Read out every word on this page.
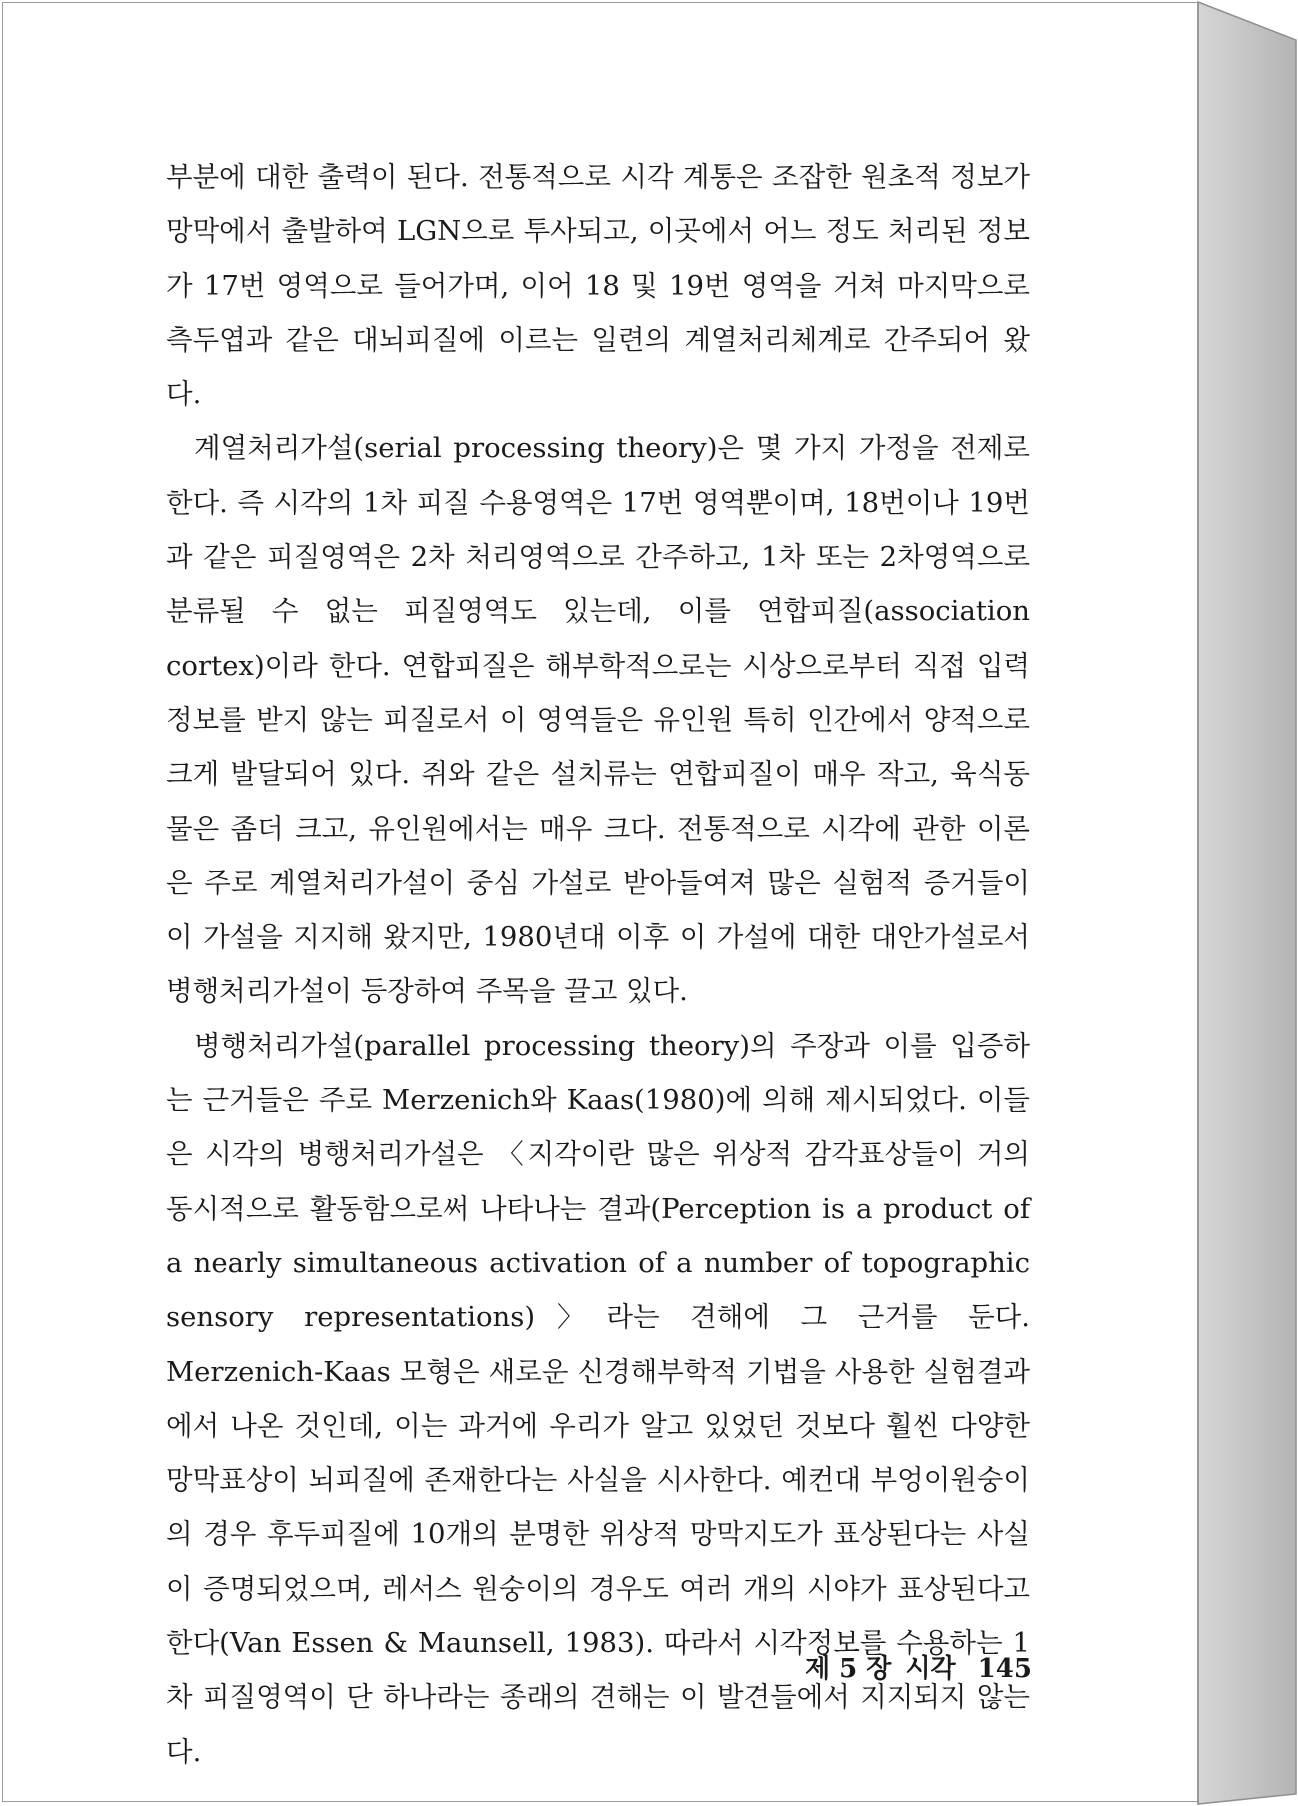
부분에 대한 출력이 된다. 전통적으로 시각 계통은 조잡한 원초적 정보가 망막에서 출발하여 LGN으로 투사되고, 이곳에서 어느 정도 처리된 정보가 17번 영역으로 들어가며, 이어 18 및 19번 영역을 거쳐 마지막으로 측두엽과 같은 대뇌피질에 이르는 일련의 계열처리체계로 간주되어 왔다.

계열처리가설(serial processing theory)은 몇 가지 가정을 전제로 한다. 즉 시각의 1차 피질 수용영역은 17번 영역뿐이며, 18번이나 19번과 같은 피질영역은 2차 처리영역으로 간주하고, 1차 또는 2차영역으로 분류될 수 없는 피질영역도 있는데, 이를 연합피질(association cortex)이라 한다. 연합피질은 해부학적으로는 시상으로부터 직접 입력정보를 받지 않는 피질로서 이 영역들은 유인원 특히 인간에서 양적으로 크게 발달되어 있다. 쥐와 같은 설치류는 연합피질이 매우 작고, 육식동물은 좀더 크고, 유인원에서는 매우 크다. 전통적으로 시각에 관한 이론은 주로 계열처리가설이 중심 가설로 받아들여져 많은 실험적 증거들이 이 가설을 지지해 왔지만, 1980년대 이후 이 가설에 대한 대안가설로서 병행처리가설이 등장하여 주목을 끌고 있다.

병행처리가설(parallel processing theory)의 주장과 이를 입증하는 근거들은 주로 Merzenich와 Kaas(1980)에 의해 제시되었다. 이들은 시각의 병행처리가설은 〈지각이란 많은 위상적 감각표상들이 거의 동시적으로 활동함으로써 나타나는 결과(Perception is a product of a nearly simultaneous activation of a number of topographic sensory representations)〉라는 견해에 그 근거를 둔다. Merzenich-Kaas 모형은 새로운 신경해부학적 기법을 사용한 실험결과에서 나온 것인데, 이는 과거에 우리가 알고 있었던 것보다 훨씬 다양한 망막표상이 뇌피질에 존재한다는 사실을 시사한다. 예컨대 부엉이원숭이의 경우 후두피질에 10개의 분명한 위상적 망막지도가 표상된다는 사실이 증명되었으며, 레서스 원숭이의 경우도 여러 개의 시야가 표상된다고 한다(Van Essen & Maunsell, 1983). 따라서 시각정보를 수용하는 1차 피질영역이 단 하나라는 종래의 견해는 이 발견들에서 지지되지 않는다.

제 5 장 시각 145
